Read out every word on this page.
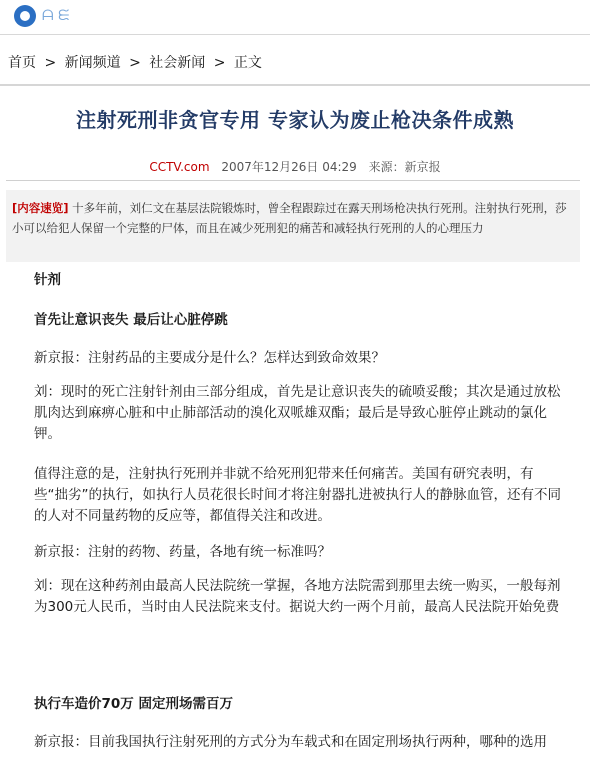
ᗩ ᙓ
首页 > 新闻频道 > 社会新闻 > 正文
注射死刑非贪官专用 专家认为废止枪决条件成熟
CCTV.com 2007年12月26日 04:29 来源：新京报
[内容速览] 十多年前，刘仁文在基层法院锻炼时，曾全程跟踪过在露天刑场枪决执行死刑。注射执行死刑，莎小可以给犯人保留一个完整的尸体，而且在减少死刑犯的痛苦和减轻执行死刑的人的心理压力

针剂

首先让意识丧失 最后让心脏停跳

新京报：注射药品的主要成分是什么？怎样达到致命效果？

刘：现时的死亡注射针剂由三部分组成，首先是让意识丧失的硫喷妥酸；其次是通过放松肌肉达到麻痹心脏和中止肺部活动的溴化双哌雄双酯；最后是导致心脏停止跳动的氯化钾。

值得注意的是，注射执行死刑并非就不给死刑犯带来任何痛苦。美国有研究表明，有些“拙劣”的执行，如执行人员花很长时间才将注射器扎进被执行人的静脉血管，还有不同的人对不同量药物的反应等，都值得关注和改进。

新京报：注射的药物、药量，各地有统一标准吗？

刘：现在这种药剂由最高人民法院统一掌握，各地方法院需到那里去统一购买，一般每剂为300元人民币，当时由人民法院来支付。据说大约一两个月前，最高人民法院开始免费

执行车造价70万 固定刑场需百万

新京报：目前我国执行注射死刑的方式分为车载式和在固定刑场执行两种，哪种的选用
